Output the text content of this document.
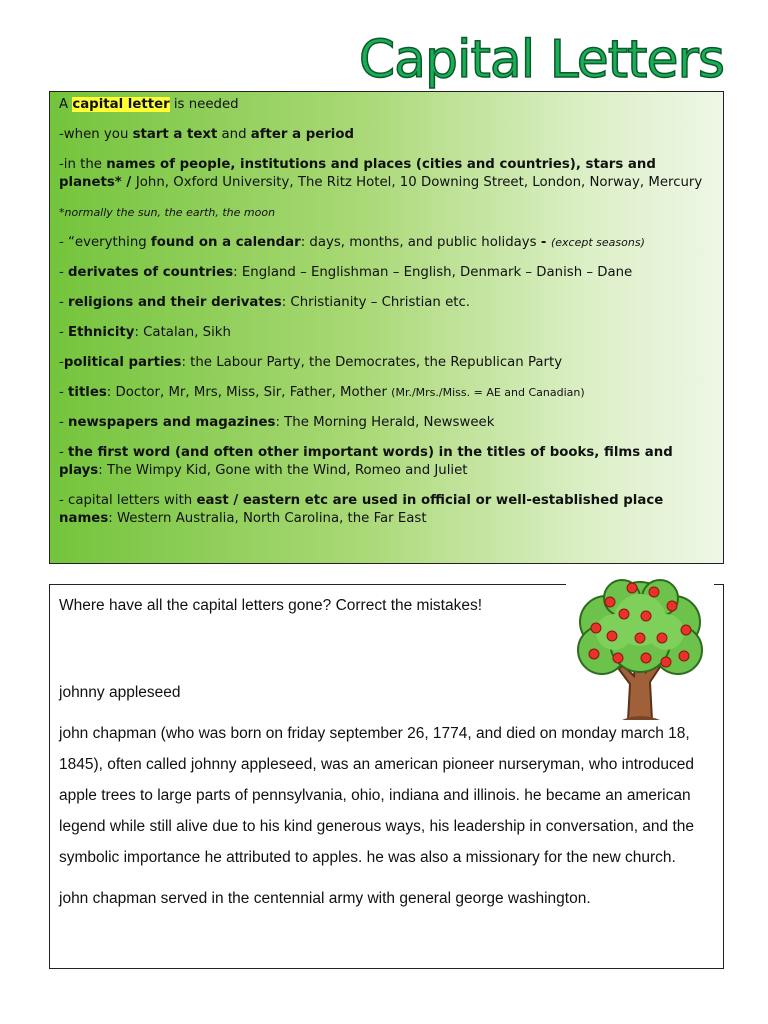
Capital Letters

A capital letter is needed

-when you start a text and after a period

-in the names of people, institutions and places (cities and countries), stars and planets* / John, Oxford University, The Ritz Hotel, 10 Downing Street, London, Norway, Mercury

*normally the sun, the earth, the moon

- “everything found on a calendar: days, months, and public holidays - (except seasons)

- derivates of countries: England – Englishman – English, Denmark – Danish – Dane

- religions and their derivates: Christianity – Christian etc.

- Ethnicity: Catalan, Sikh

-political parties: the Labour Party, the Democrates, the Republican Party

- titles: Doctor, Mr, Mrs, Miss, Sir, Father, Mother (Mr./Mrs./Miss. = AE and Canadian)

- newspapers and magazines: The Morning Herald, Newsweek

- the first word (and often other important words) in the titles of books, films and plays: The Wimpy Kid, Gone with the Wind, Romeo and Juliet

- capital letters with east / eastern etc are used in official or well-established place names: Western Australia, North Carolina, the Far East

Where have all the capital letters gone? Correct the mistakes!

johnny appleseed

john chapman (who was born on friday september 26, 1774, and died on monday march 18, 1845), often called johnny appleseed, was an american pioneer nurseryman, who introduced apple trees to large parts of pennsylvania, ohio, indiana and illinois. he became an american legend while still alive due to his kind generous ways, his leadership in conversation, and the symbolic importance he attributed to apples. he was also a missionary for the new church.

john chapman served in the centennial army with general george washington.
